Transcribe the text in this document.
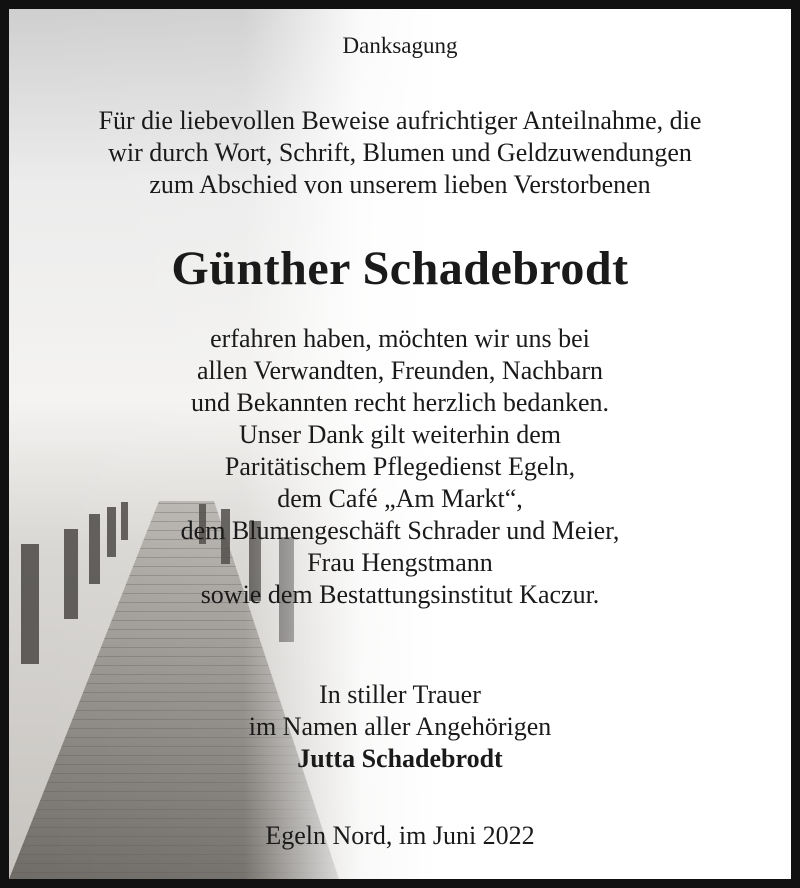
Danksagung
Für die liebevollen Beweise aufrichtiger Anteilnahme, die
wir durch Wort, Schrift, Blumen und Geldzuwendungen
zum Abschied von unserem lieben Verstorbenen
Günther Schadebrodt
erfahren haben, möchten wir uns bei
allen Verwandten, Freunden, Nachbarn
und Bekannten recht herzlich bedanken.
Unser Dank gilt weiterhin dem
Paritätischem Pflegedienst Egeln,
dem Café „Am Markt“,
dem Blumengeschäft Schrader und Meier,
Frau Hengstmann
sowie dem Bestattungsinstitut Kaczur.
In stiller Trauer
im Namen aller Angehörigen
Jutta Schadebrodt
Egeln Nord, im Juni 2022
